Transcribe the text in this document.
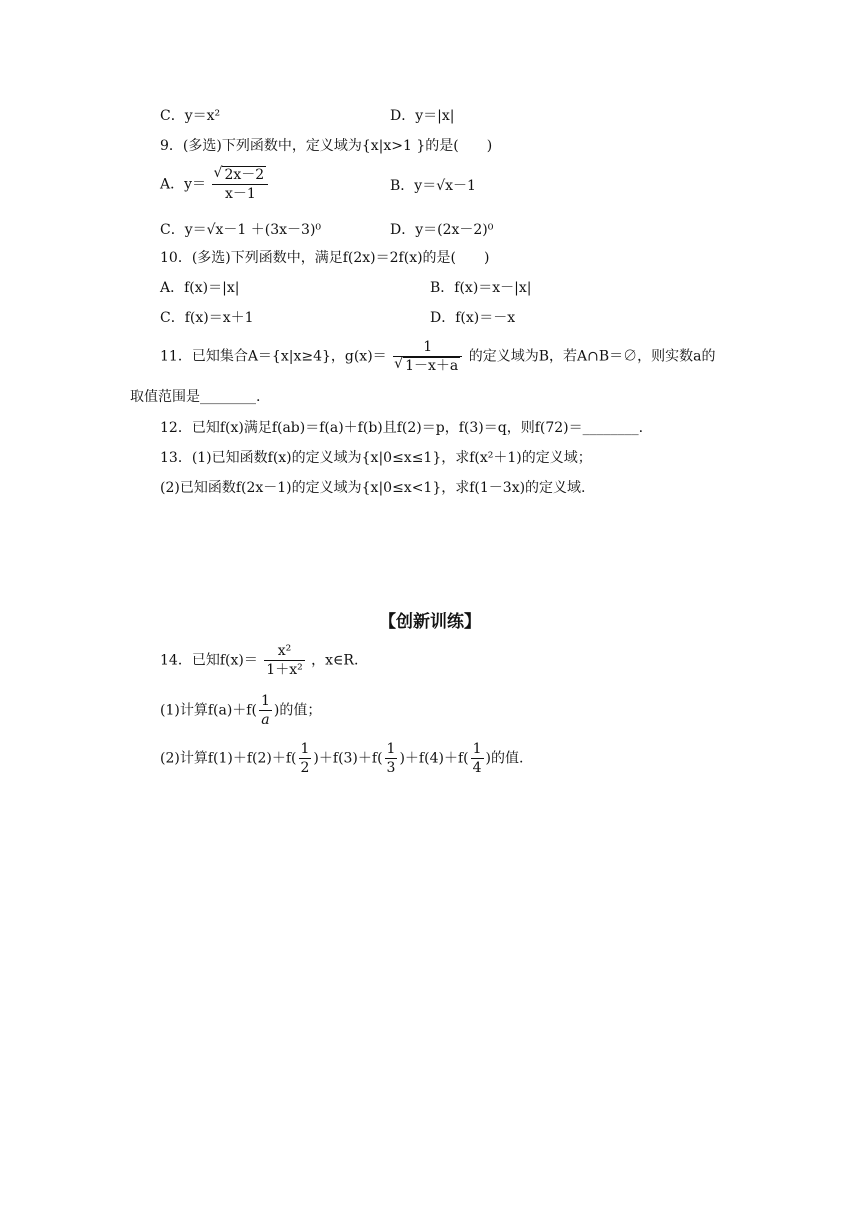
C．y＝x²	D．y＝|x|
9．(多选)下列函数中，定义域为{x|x>1 }的是(　　)
A．y＝
√ $\frac{2x-2}{x-1}$	B．y＝√x－1
C．y＝√x－1 ＋(3x－3)⁰	D．y＝(2x－2)⁰
10．(多选)下列函数中，满足f(2x)＝2f(x)的是(　　)
A．f(x)＝|x|	B．f(x)＝x－|x|
C．f(x)＝x＋1	D．f(x)＝－x
11．已知集合A＝{x|x≥4}，g(x)＝ 1
√ 1－x＋a 的定义域为B，若A∩B＝∅，则实数a的
取值范围是________.
12．已知f(x)满足f(ab)＝f(a)＋f(b)且f(2)＝p，f(3)＝q，则f(72)＝________.
13．(1)已知函数f(x)的定义域为{x|0≤x≤1}，求f(x²＋1)的定义域；
(2)已知函数f(2x－1)的定义域为{x|0≤x<1}，求f(1－3x)的定义域.
【创新训练】
14．已知$f(x)= \frac{\text{x²}}{\text{1＋x²}}$ ，x∈R.
(1)计算$f(a)+f( \frac{1}{a}$ )的值；
(2)计算$f(1)+f(2)+f( \frac{1}{2} )+f(3)+f( \frac{1}{3} )+f(4)+f( \frac{1}{4}$ )的值.
